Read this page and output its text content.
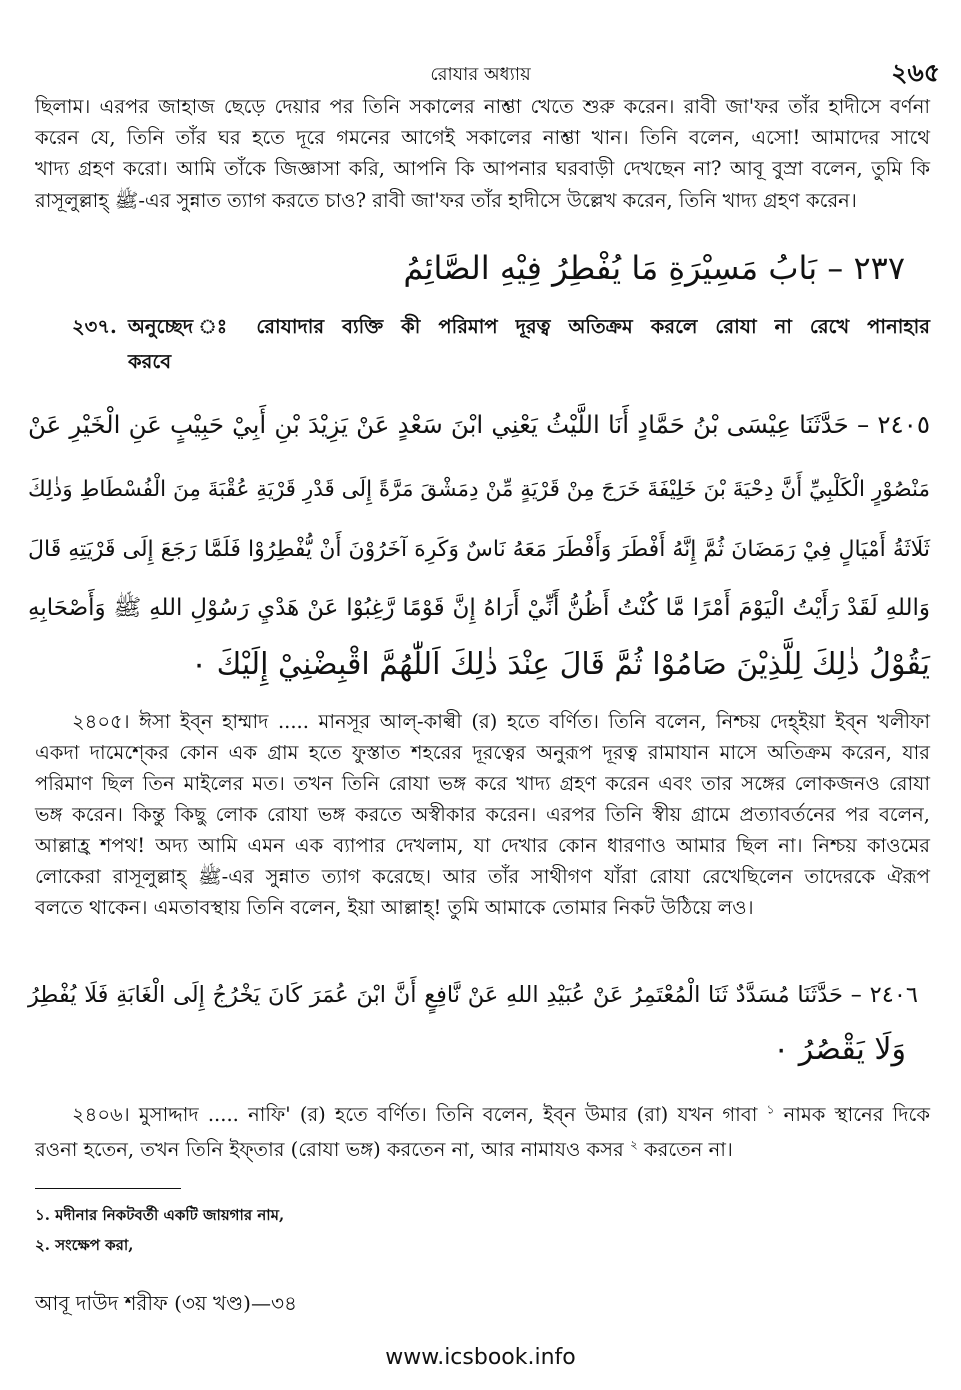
রোযার অধ্যায়	২৬৫
ছিলাম। এরপর জাহাজ ছেড়ে দেয়ার পর তিনি সকালের নাশ্তা খেতে শুরু করেন। রাবী জা'ফর তাঁর হাদীসে বর্ণনা
করেন যে, তিনি তাঁর ঘর হতে দূরে গমনের আগেই সকালের নাশ্তা খান। তিনি বলেন, এসো! আমাদের সাথে
খাদ্য গ্রহণ করো। আমি তাঁকে জিজ্ঞাসা করি, আপনি কি আপনার ঘরবাড়ী দেখছেন না? আবূ বুস্রা বলেন, তুমি কি
রাসূলুল্লাহ্ ﷺ-এর সুন্নাত ত্যাগ করতে চাও? রাবী জা'ফর তাঁর হাদীসে উল্লেখ করেন, তিনি খাদ্য গ্রহণ করেন।
٢٣٧ – بَابُ مَسِيْرَةِ مَا يُفْطِرُ فِيْهِ الصَّائِمُ
২৩৭. অনুচ্ছেদ ঃ রোযাদার ব্যক্তি কী পরিমাপ দূরত্ব অতিক্রম করলে রোযা না রেখে পানাহার
করবে
٢٤٠٥ – حَدَّثَنَا عِيْسَى بْنُ حَمَّادٍ أَنَا اللَّيْثُ يَعْنِي ابْنَ سَعْدٍ عَنْ يَزِيْدَ بْنِ أَبِيْ حَبِيْبٍ عَنِ الْخَيْرِ عَنْ
مَنْصُوْرٍ الْكَلْبِيِّ أَنَّ دِحْيَةَ بْنَ خَلِيْفَةَ خَرَجَ مِنْ قَرْيَةٍ مِّنْ دِمَشْقَ مَرَّةً إِلَى قَدْرِ قَرْيَةِ عُقْبَةَ مِنَ الْفُسْطَاطِ وَذٰلِكَ
ثَلَاثَةُ أَمْيَالٍ فِيْ رَمَضَانَ ثُمَّ إِنَّهُ أَفْطَرَ وَأَفْطَرَ مَعَهُ نَاسٌ وَكَرِهَ آخَرُوْنَ أَنْ يُّفْطِرُوْا فَلَمَّا رَجَعَ إِلَى قَرْيَتِهِ قَالَ
وَاللهِ لَقَدْ رَأَيْتُ الْيَوْمَ أَمْرًا مَّا كُنْتُ أَظُنُّ أَنِّيْ أَرَاهُ إِنَّ قَوْمًا رَّغِبُوْا عَنْ هَدْيِ رَسُوْلِ اللهِ ﷺ وَأَصْحَابِهِ
يَقُوْلُ ذٰلِكَ لِلَّذِيْنَ صَامُوْا ثُمَّ قَالَ عِنْدَ ذٰلِكَ اَللّٰهُمَّ اقْبِضْنِيْ إِلَيْكَ ٠
২৪০৫। ঈসা ইব্ন হাম্মাদ ..... মানসূর আল্-কাল্বী (র) হতে বর্ণিত। তিনি বলেন, নিশ্চয় দেহ্ইয়া ইব্ন খলীফা
একদা দামেশ্কের কোন এক গ্রাম হতে ফুস্তাত শহরের দূরত্বের অনুরূপ দূরত্ব রামাযান মাসে অতিক্রম করেন, যার
পরিমাণ ছিল তিন মাইলের মত। তখন তিনি রোযা ভঙ্গ করে খাদ্য গ্রহণ করেন এবং তার সঙ্গের লোকজনও রোযা
ভঙ্গ করেন। কিন্তু কিছু লোক রোযা ভঙ্গ করতে অস্বীকার করেন। এরপর তিনি স্বীয় গ্রামে প্রত্যাবর্তনের পর বলেন,
আল্লাহ্র শপথ! অদ্য আমি এমন এক ব্যাপার দেখলাম, যা দেখার কোন ধারণাও আমার ছিল না। নিশ্চয় কাওমের
লোকেরা রাসূলুল্লাহ্ ﷺ-এর সুন্নাত ত্যাগ করেছে। আর তাঁর সাথীগণ যাঁরা রোযা রেখেছিলেন তাদেরকে ঐরূপ
বলতে থাকেন। এমতাবস্থায় তিনি বলেন, ইয়া আল্লাহ্! তুমি আমাকে তোমার নিকট উঠিয়ে লও।
٢٤٠٦ – حَدَّثَنَا مُسَدَّدٌ ثَنَا الْمُعْتَمِرُ عَنْ عُبَيْدِ اللهِ عَنْ نَّافِعٍ أَنَّ ابْنَ عُمَرَ كَانَ يَخْرُجُ إِلَى الْغَابَةِ فَلَا يُفْطِرُ
وَلَا يَقْصُرُ ٠
২৪০৬। মুসাদ্দাদ ..... নাফি' (র) হতে বর্ণিত। তিনি বলেন, ইব্ন উমার (রা) যখন গাবা $^১$ নামক স্থানের দিকে
রওনা হতেন, তখন তিনি ইফ্তার (রোযা ভঙ্গ) করতেন না, আর নামাযও কসর $^২$ করতেন না।
১. মদীনার নিকটবর্তী একটি জায়গার নাম,
২. সংক্ষেপ করা,
আবূ দাউদ শরীফ (৩য় খণ্ড)—৩৪
www.icsbook.info
